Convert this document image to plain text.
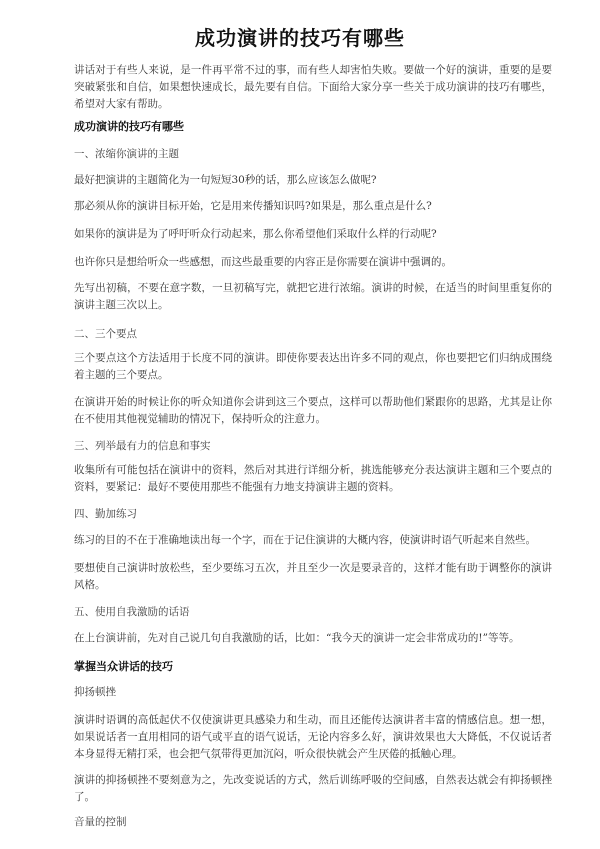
成功演讲的技巧有哪些
讲话对于有些人来说，是一件再平常不过的事，而有些人却害怕失败。要做一个好的演讲，重要的是要突破紧张和自信，如果想快速成长，最先要有自信。下面给大家分享一些关于成功演讲的技巧有哪些，希望对大家有帮助。
成功演讲的技巧有哪些
一、浓缩你演讲的主题
最好把演讲的主题简化为一句短短30秒的话，那么应该怎么做呢?
那必须从你的演讲目标开始，它是用来传播知识吗?如果是，那么重点是什么?
如果你的演讲是为了呼吁听众行动起来，那么你希望他们采取什么样的行动呢?
也许你只是想给听众一些感想，而这些最重要的内容正是你需要在演讲中强调的。
先写出初稿，不要在意字数，一旦初稿写完，就把它进行浓缩。演讲的时候，在适当的时间里重复你的演讲主题三次以上。
二、三个要点
三个要点这个方法适用于长度不同的演讲。即使你要表达出许多不同的观点，你也要把它们归纳成围绕着主题的三个要点。
在演讲开始的时候让你的听众知道你会讲到这三个要点，这样可以帮助他们紧跟你的思路，尤其是让你在不使用其他视觉辅助的情况下，保持听众的注意力。
三、列举最有力的信息和事实
收集所有可能包括在演讲中的资料，然后对其进行详细分析，挑选能够充分表达演讲主题和三个要点的资料，要紧记：最好不要使用那些不能强有力地支持演讲主题的资料。
四、勤加练习
练习的目的不在于准确地读出每一个字，而在于记住演讲的大概内容，使演讲时语气听起来自然些。
要想使自己演讲时放松些，至少要练习五次，并且至少一次是要录音的，这样才能有助于调整你的演讲风格。
五、使用自我激励的话语
在上台演讲前，先对自己说几句自我激励的话，比如：“我今天的演讲一定会非常成功的!”等等。
掌握当众讲话的技巧
抑扬顿挫
演讲时语调的高低起伏不仅使演讲更具感染力和生动，而且还能传达演讲者丰富的情感信息。想一想，如果说话者一直用相同的语气或平直的语气说话，无论内容多么好，演讲效果也大大降低，不仅说话者本身显得无精打采，也会把气氛带得更加沉闷，听众很快就会产生厌倦的抵触心理。
演讲的抑扬顿挫不要刻意为之，先改变说话的方式，然后训练呼吸的空间感，自然表达就会有抑扬顿挫了。
音量的控制
